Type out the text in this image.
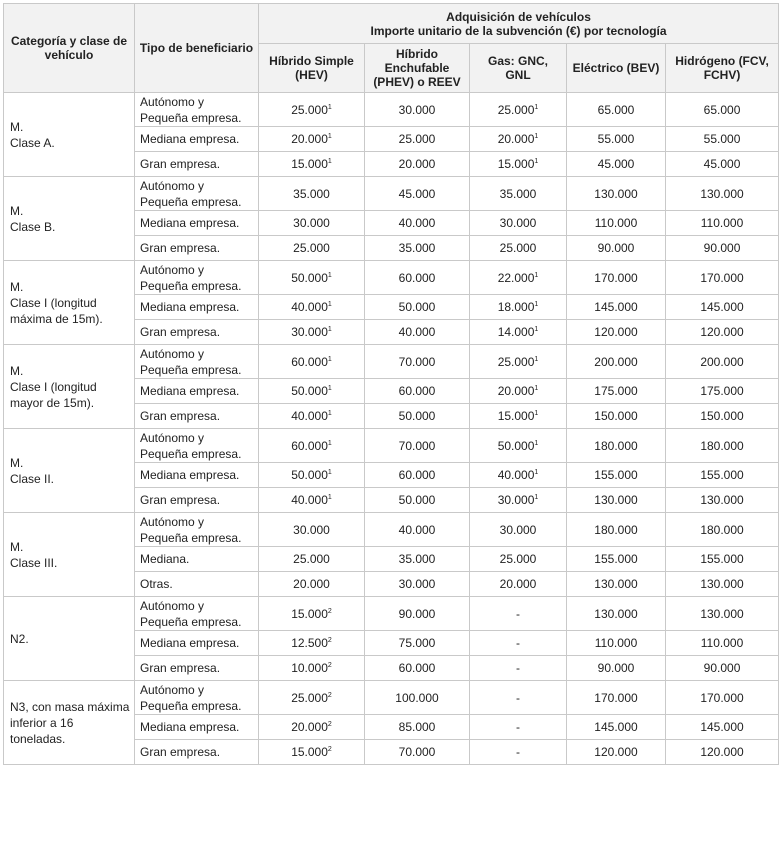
Categoría y clase de vehículo	Tipo de beneficiario	Adquisición de vehículos
Importe unitario de la subvención (€) por tecnología				

		Híbrido Simple (HEV)	Híbrido Enchufable (PHEV) o REEV	Gas: GNC, GNL	Eléctrico (BEV)	Hidrógeno (FCV, FCHV)
M.
Clase A.	Autónomo y Pequeña empresa.	25.000$^1$	30.000	25.000$^1$	65.000	65.000
	Mediana empresa.	20.000$^1$	25.000	20.000$^1$	55.000	55.000
	Gran empresa.	15.000$^1$	20.000	15.000$^1$	45.000	45.000
M.
Clase B.	Autónomo y Pequeña empresa.	35.000	45.000	35.000	130.000	130.000
	Mediana empresa.	30.000	40.000	30.000	110.000	110.000
	Gran empresa.	25.000	35.000	25.000	90.000	90.000
M.
Clase I (longitud máxima de 15m).	Autónomo y Pequeña empresa.	50.000$^1$	60.000	22.000$^1$	170.000	170.000
	Mediana empresa.	40.000$^1$	50.000	18.000$^1$	145.000	145.000
	Gran empresa.	30.000$^1$	40.000	14.000$^1$	120.000	120.000
M.
Clase I (longitud mayor de 15m).	Autónomo y Pequeña empresa.	60.000$^1$	70.000	25.000$^1$	200.000	200.000
	Mediana empresa.	50.000$^1$	60.000	20.000$^1$	175.000	175.000
	Gran empresa.	40.000$^1$	50.000	15.000$^1$	150.000	150.000
M.
Clase II.	Autónomo y Pequeña empresa.	60.000$^1$	70.000	50.000$^1$	180.000	180.000
	Mediana empresa.	50.000$^1$	60.000	40.000$^1$	155.000	155.000
	Gran empresa.	40.000$^1$	50.000	30.000$^1$	130.000	130.000
M.
Clase III.	Autónomo y Pequeña empresa.	30.000	40.000	30.000	180.000	180.000
	Mediana.	25.000	35.000	25.000	155.000	155.000
	Otras.	20.000	30.000	20.000	130.000	130.000
N2.	Autónomo y Pequeña empresa.	15.000$^2$	90.000	-	130.000	130.000
	Mediana empresa.	12.500$^2$	75.000	-	110.000	110.000
	Gran empresa.	10.000$^2$	60.000	-	90.000	90.000
N3, con masa máxima inferior a 16 toneladas.	Autónomo y Pequeña empresa.	25.000$^2$	100.000	-	170.000	170.000
	Mediana empresa.	20.000$^2$	85.000	-	145.000	145.000
	Gran empresa.	15.000$^2$	70.000	-	120.000	120.000
